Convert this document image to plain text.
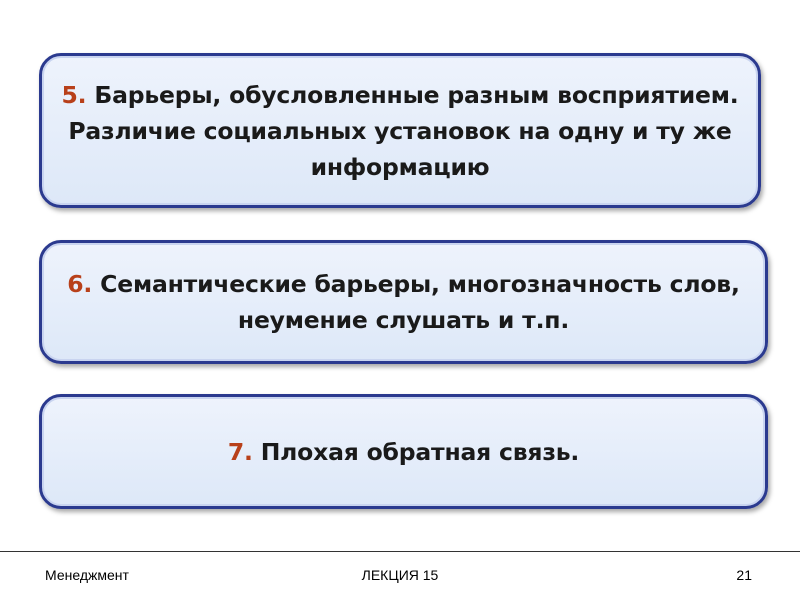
5. Барьеры, обусловленные разным восприятием. Различие социальных установок на одну и ту же информацию
6. Семантические барьеры, многозначность слов, неумение слушать и т.п.
7. Плохая обратная связь.
Менеджмент	ЛЕКЦИЯ 15	21
